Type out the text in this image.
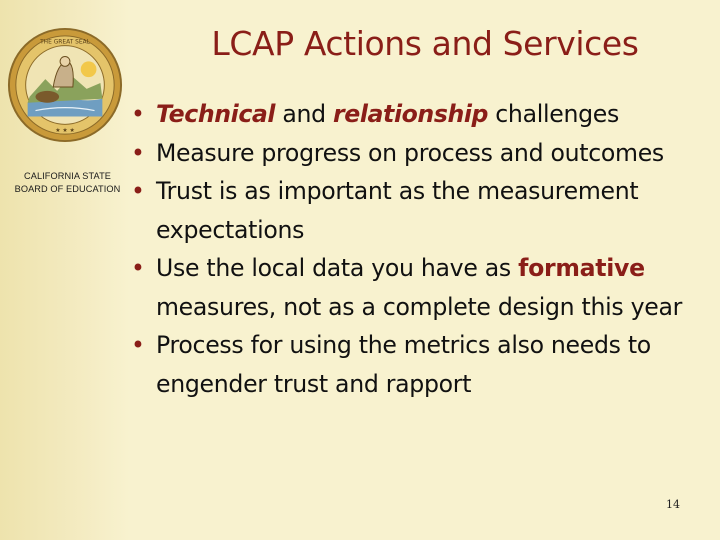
THE GREAT SEAL
★ ★ ★
CALIFORNIA STATE
BOARD OF EDUCATION
LCAP Actions and Services
• Technical and relationship challenges
• Measure progress on process and outcomes
• Trust is as important as the measurement expectations
• Use the local data you have as formative measures, not as a complete design this year
• Process for using the metrics also needs to engender trust and rapport
14
